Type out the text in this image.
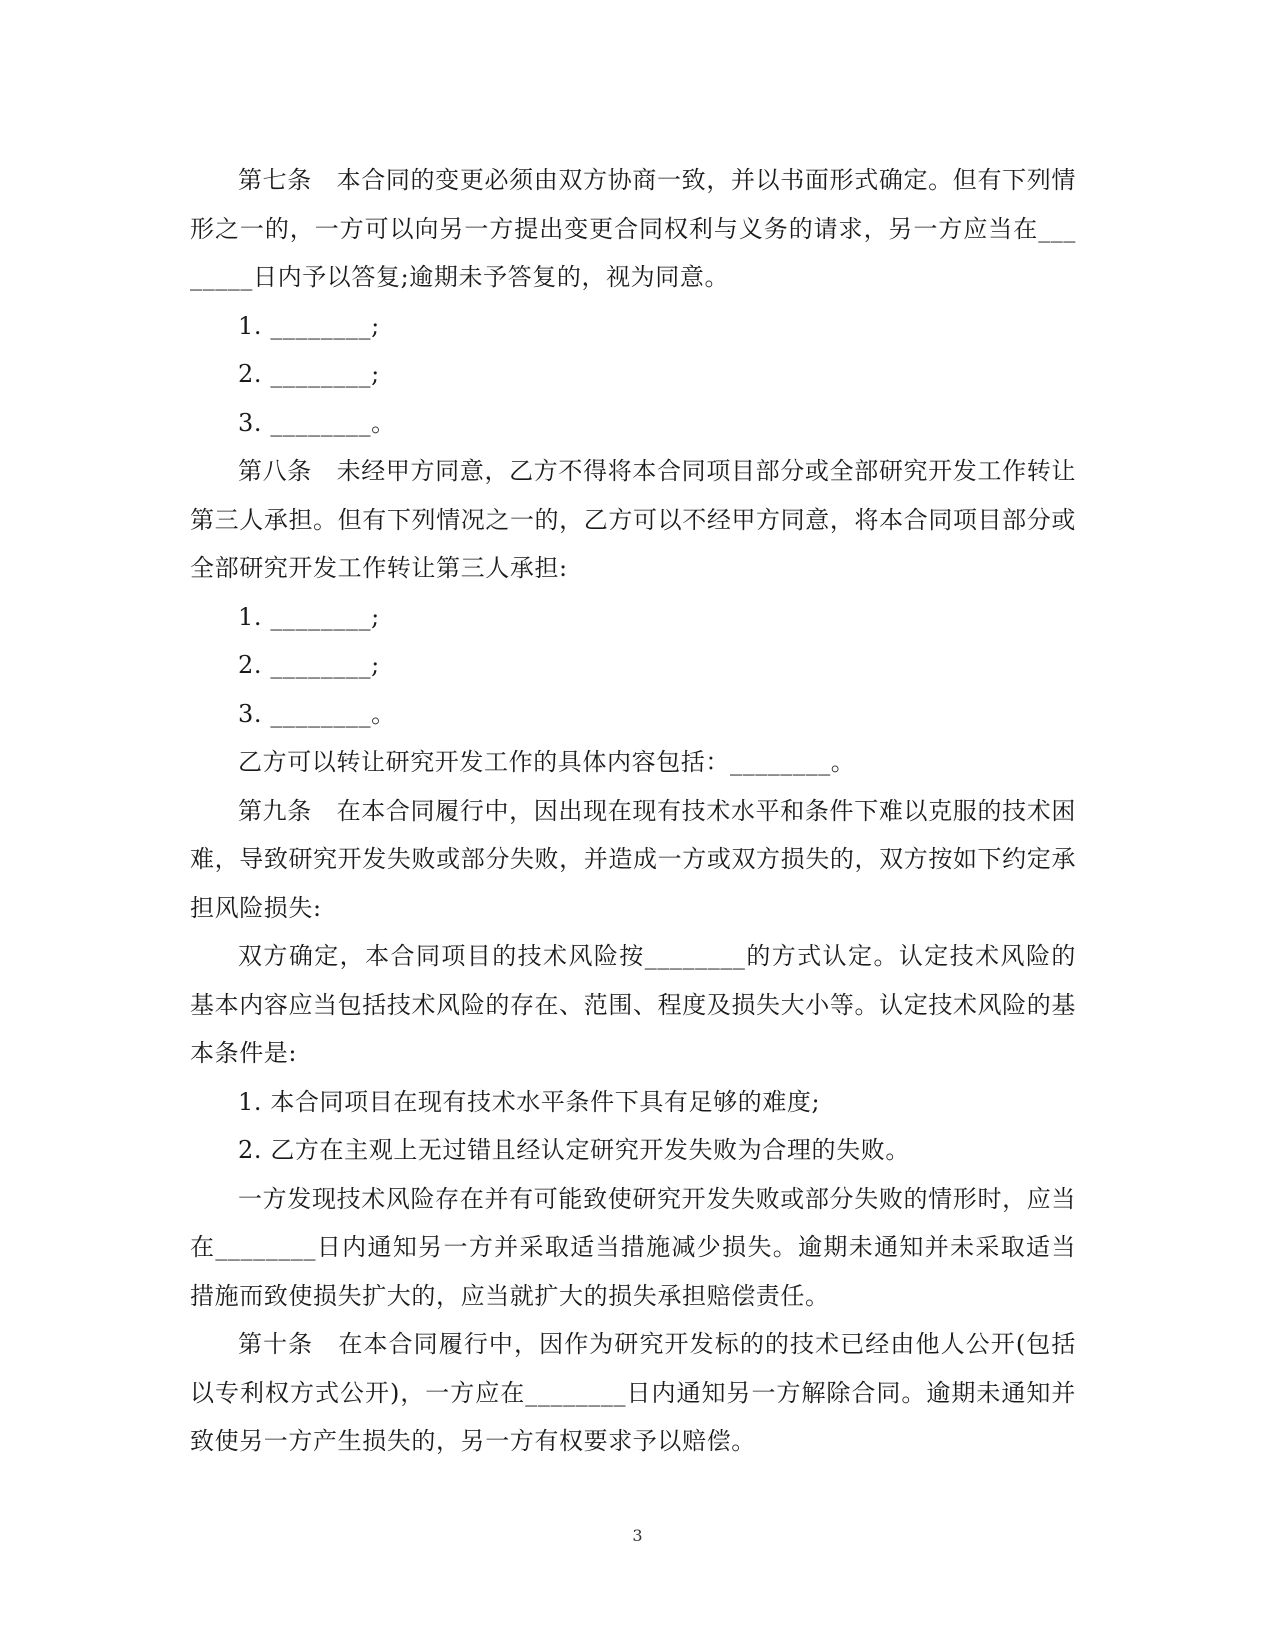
第七条　本合同的变更必须由双方协商一致，并以书面形式确定。但有下列情形之一的，一方可以向另一方提出变更合同权利与义务的请求，另一方应当在________日内予以答复;逾期未予答复的，视为同意。

1. ________;

2. ________;

3. ________。

第八条　未经甲方同意，乙方不得将本合同项目部分或全部研究开发工作转让第三人承担。但有下列情况之一的，乙方可以不经甲方同意，将本合同项目部分或全部研究开发工作转让第三人承担:

1. ________;

2. ________;

3. ________。

乙方可以转让研究开发工作的具体内容包括：________。

第九条　在本合同履行中，因出现在现有技术水平和条件下难以克服的技术困难，导致研究开发失败或部分失败，并造成一方或双方损失的，双方按如下约定承担风险损失:

双方确定，本合同项目的技术风险按________的方式认定。认定技术风险的基本内容应当包括技术风险的存在、范围、程度及损失大小等。认定技术风险的基本条件是:

1. 本合同项目在现有技术水平条件下具有足够的难度;

2. 乙方在主观上无过错且经认定研究开发失败为合理的失败。

一方发现技术风险存在并有可能致使研究开发失败或部分失败的情形时，应当在________日内通知另一方并采取适当措施减少损失。逾期未通知并未采取适当措施而致使损失扩大的，应当就扩大的损失承担赔偿责任。

第十条　在本合同履行中，因作为研究开发标的的技术已经由他人公开(包括以专利权方式公开)，一方应在________日内通知另一方解除合同。逾期未通知并致使另一方产生损失的，另一方有权要求予以赔偿。

3
